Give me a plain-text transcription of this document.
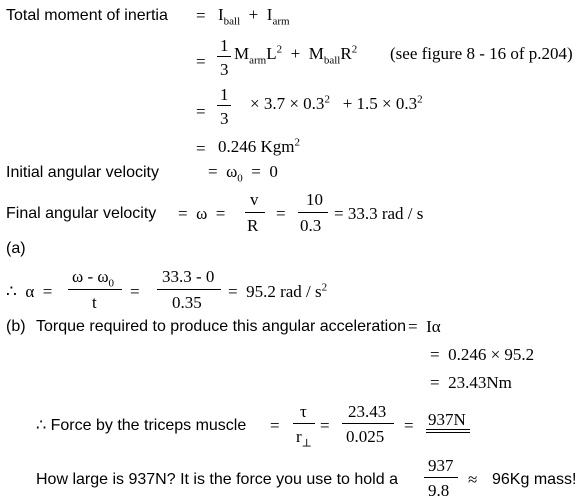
Total moment of inertia = $I_{ball} + I_{arm}$
=
1
3
$M_{arm}L^2 + M_{ball}R^2$ (see figure 8 - 16 of p.204)
=
1
3
× $3.7 \times 0.3^2 + 1.5 \times 0.3^2$
= 0.246 Kgm$^2$
Initial angular velocity	=  $\omega_0 = 0$
Final angular velocity =  ω  =
v
R
=
10
0.3
= 33.3 rad / s
(a)
∴ α  =
ω - $\omega_0$
t
=
33.3 - 0
0.35
=  95.2 rad / $s^2$
(b) Torque required to produce this angular acceleration =  Iα
=  0.246 × 95.2
=  23.43Nm
∴ Force by the triceps muscle =
τ
$r_\perp$
=
23.43
0.025
= 937N
How large is 937N? It is the force you use to hold a
937
9.8
≈ 96Kg mass!
